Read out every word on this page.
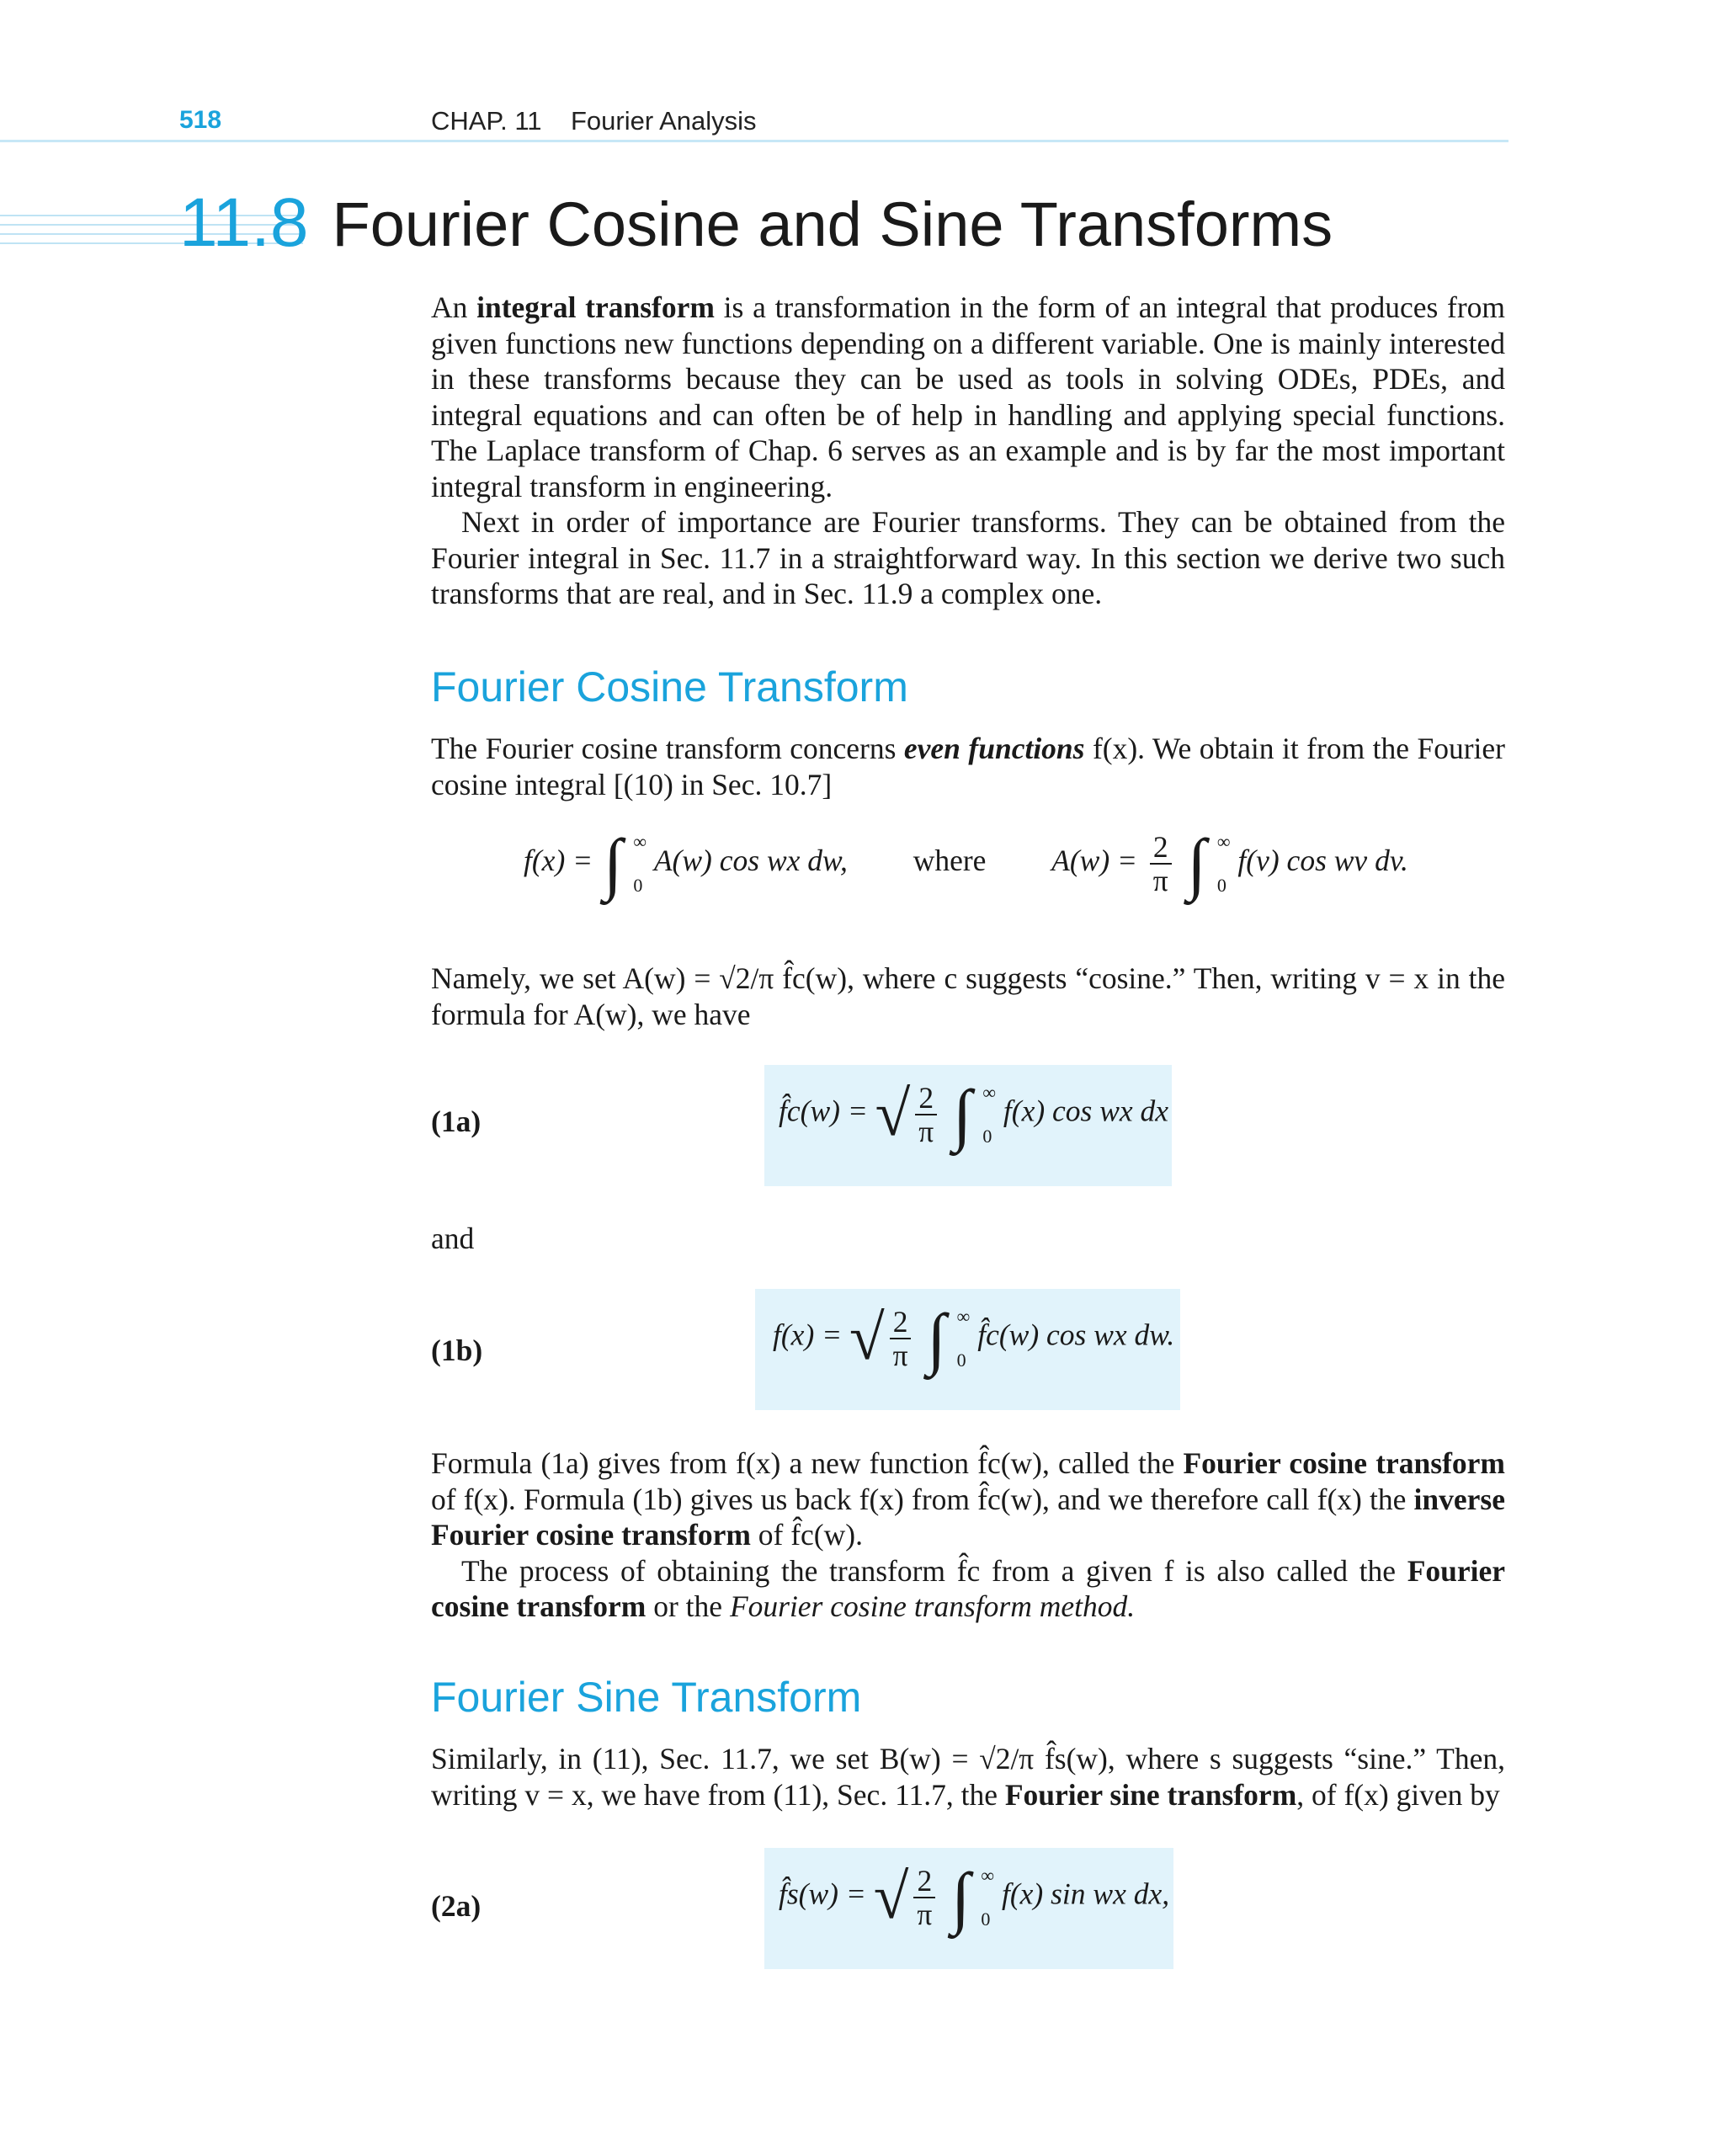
518	CHAP. 11    Fourier Analysis
11.8 Fourier Cosine and Sine Transforms

An integral transform is a transformation in the form of an integral that produces from given functions new functions depending on a different variable. One is mainly interested in these transforms because they can be used as tools in solving ODEs, PDEs, and integral equations and can often be of help in handling and applying special functions. The Laplace transform of Chap. 6 serves as an example and is by far the most important integral transform in engineering.

Next in order of importance are Fourier transforms. They can be obtained from the Fourier integral in Sec. 11.7 in a straightforward way. In this section we derive two such transforms that are real, and in Sec. 11.9 a complex one.

Fourier Cosine Transform

The Fourier cosine transform concerns even functions f(x). We obtain it from the Fourier cosine integral [(10) in Sec. 10.7]

f(x) = ∫ ∞

0 A(w) cos wx dw, where $A(w) = \frac{2}{\pi}$ ∫ ∞

0 f(v) cos wv dv.

Namely, we set A(w) = √2/π f̂c(w), where c suggests “cosine.” Then, writing v = x in the formula for A(w), we have

(1a)	f̂c(w) = √ $\frac{2}{\pi}$ ∫ ∞

0 f(x) cos wx dx
and
(1b)	f(x) = √ $\frac{2}{\pi}$ ∫ ∞

0 f̂c(w) cos wx dw.

Formula (1a) gives from f(x) a new function f̂c(w), called the Fourier cosine transform of f(x). Formula (1b) gives us back f(x) from f̂c(w), and we therefore call f(x) the inverse Fourier cosine transform of f̂c(w).

The process of obtaining the transform f̂c from a given f is also called the Fourier cosine transform or the Fourier cosine transform method.

Fourier Sine Transform

Similarly, in (11), Sec. 11.7, we set B(w) = √2/π f̂s(w), where s suggests “sine.” Then, writing v = x, we have from (11), Sec. 11.7, the Fourier sine transform, of f(x) given by

(2a)	f̂s(w) = √ $\frac{2}{\pi}$ ∫ ∞

0 f(x) sin wx dx,
